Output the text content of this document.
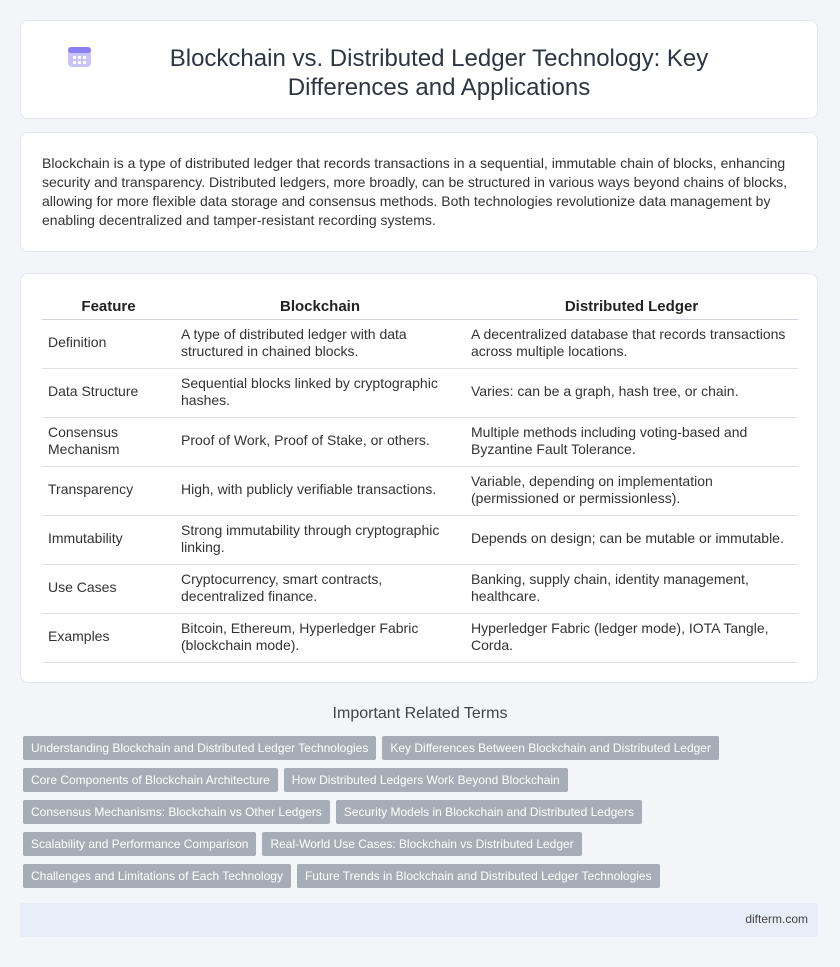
Blockchain vs. Distributed Ledger Technology: Key Differences and Applications

Blockchain is a type of distributed ledger that records transactions in a sequential, immutable chain of blocks, enhancing security and transparency. Distributed ledgers, more broadly, can be structured in various ways beyond chains of blocks, allowing for more flexible data storage and consensus methods. Both technologies revolutionize data management by enabling decentralized and tamper-resistant recording systems.

Feature	Blockchain	Distributed Ledger
Definition	A type of distributed ledger with data structured in chained blocks.	A decentralized database that records transactions across multiple locations.
Data Structure	Sequential blocks linked by cryptographic hashes.	Varies: can be a graph, hash tree, or chain.
Consensus Mechanism	Proof of Work, Proof of Stake, or others.	Multiple methods including voting-based and Byzantine Fault Tolerance.
Transparency	High, with publicly verifiable transactions.	Variable, depending on implementation (permissioned or permissionless).
Immutability	Strong immutability through cryptographic linking.	Depends on design; can be mutable or immutable.
Use Cases	Cryptocurrency, smart contracts, decentralized finance.	Banking, supply chain, identity management, healthcare.
Examples	Bitcoin, Ethereum, Hyperledger Fabric (blockchain mode).	Hyperledger Fabric (ledger mode), IOTA Tangle, Corda.
Important Related Terms
Understanding Blockchain and Distributed Ledger Technologies Key Differences Between Blockchain and Distributed Ledger
Core Components of Blockchain Architecture How Distributed Ledgers Work Beyond Blockchain
Consensus Mechanisms: Blockchain vs Other Ledgers Security Models in Blockchain and Distributed Ledgers
Scalability and Performance Comparison Real-World Use Cases: Blockchain vs Distributed Ledger
Challenges and Limitations of Each Technology Future Trends in Blockchain and Distributed Ledger Technologies
difterm.com
